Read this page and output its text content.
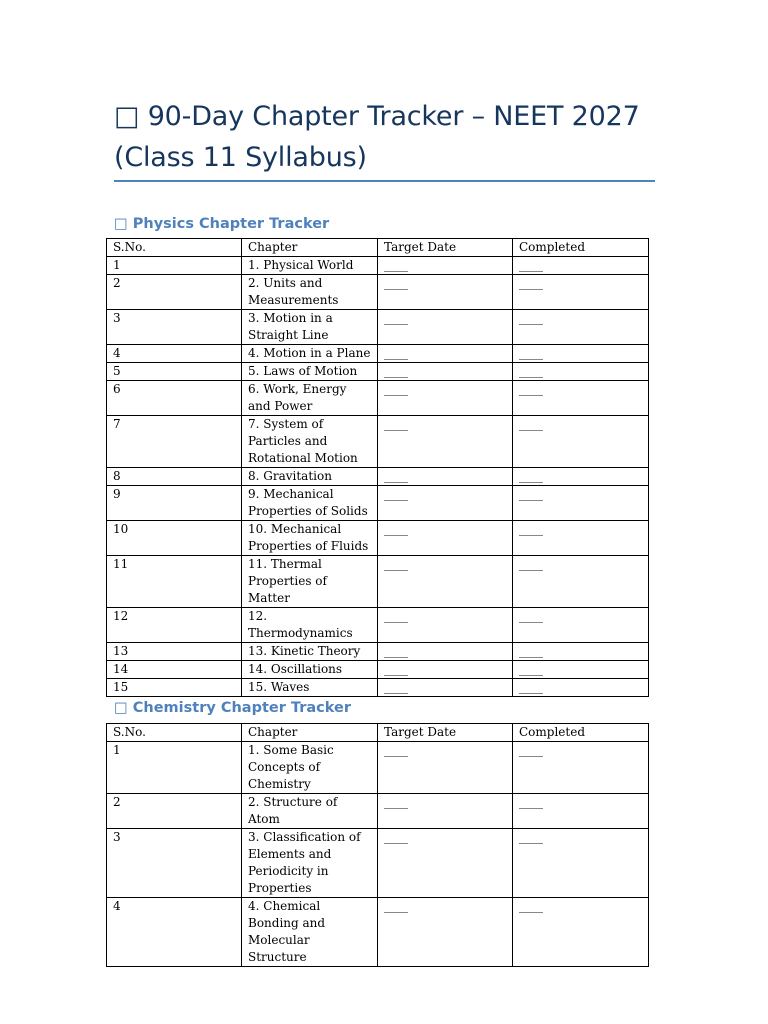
□ 90-Day Chapter Tracker – NEET 2027 (Class 11 Syllabus)
□ Physics Chapter Tracker
S.No.	Chapter	Target Date	Completed
1	1. Physical World	____	____
2	2. Units and Measurements	____	____
3	3. Motion in a Straight Line	____	____
4	4. Motion in a Plane	____	____
5	5. Laws of Motion	____	____
6	6. Work, Energy and Power	____	____
7	7. System of Particles and Rotational Motion	____	____
8	8. Gravitation	____	____
9	9. Mechanical Properties of Solids	____	____
10	10. Mechanical Properties of Fluids	____	____
11	11. Thermal Properties of Matter	____	____
12	12. Thermodynamics	____	____
13	13. Kinetic Theory	____	____
14	14. Oscillations	____	____
15	15. Waves	____	____
□ Chemistry Chapter Tracker
S.No.	Chapter	Target Date	Completed
1	1. Some Basic Concepts of Chemistry	____	____
2	2. Structure of Atom	____	____
3	3. Classification of Elements and Periodicity in Properties	____	____
4	4. Chemical Bonding and Molecular Structure	____	____
